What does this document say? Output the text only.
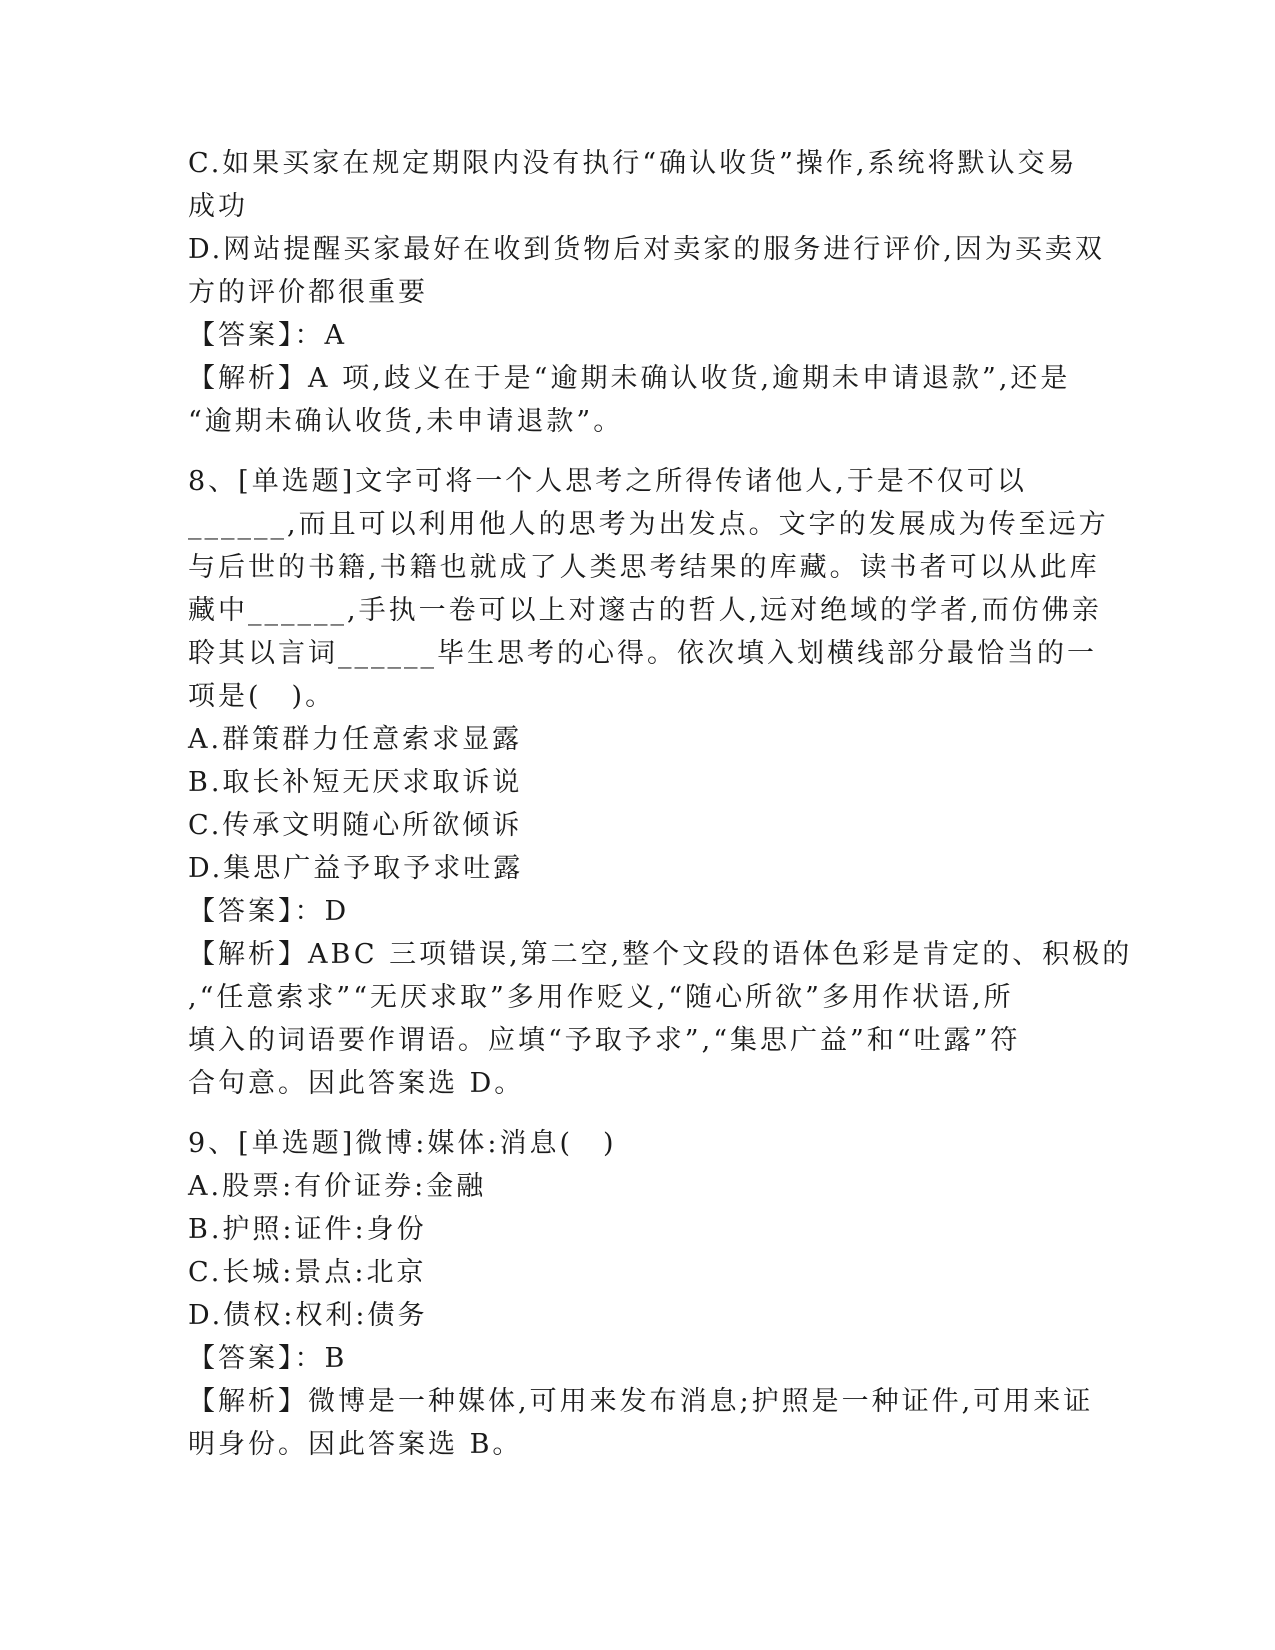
C.如果买家在规定期限内没有执行“确认收货”操作,系统将默认交易
成功
D.网站提醒买家最好在收到货物后对卖家的服务进行评价,因为买卖双
方的评价都很重要
【答案】：A
【解析】A 项,歧义在于是“逾期未确认收货,逾期未申请退款”,还是
“逾期未确认收货,未申请退款”。
8、[单选题]文字可将一个人思考之所得传诸他人,于是不仅可以
______,而且可以利用他人的思考为出发点。文字的发展成为传至远方
与后世的书籍,书籍也就成了人类思考结果的库藏。读书者可以从此库
藏中______,手执一卷可以上对邃古的哲人,远对绝域的学者,而仿佛亲
聆其以言词______毕生思考的心得。依次填入划横线部分最恰当的一
项是(　)。
A.群策群力任意索求显露
B.取长补短无厌求取诉说
C.传承文明随心所欲倾诉
D.集思广益予取予求吐露
【答案】：D
【解析】ABC 三项错误,第二空,整个文段的语体色彩是肯定的、积极的
,“任意索求”“无厌求取”多用作贬义,“随心所欲”多用作状语,所
填入的词语要作谓语。应填“予取予求”,“集思广益”和“吐露”符
合句意。因此答案选 D。
9、[单选题]微博:媒体:消息(　)
A.股票:有价证券:金融
B.护照:证件:身份
C.长城:景点:北京
D.债权:权利:债务
【答案】：B
【解析】微博是一种媒体,可用来发布消息;护照是一种证件,可用来证
明身份。因此答案选 B。
